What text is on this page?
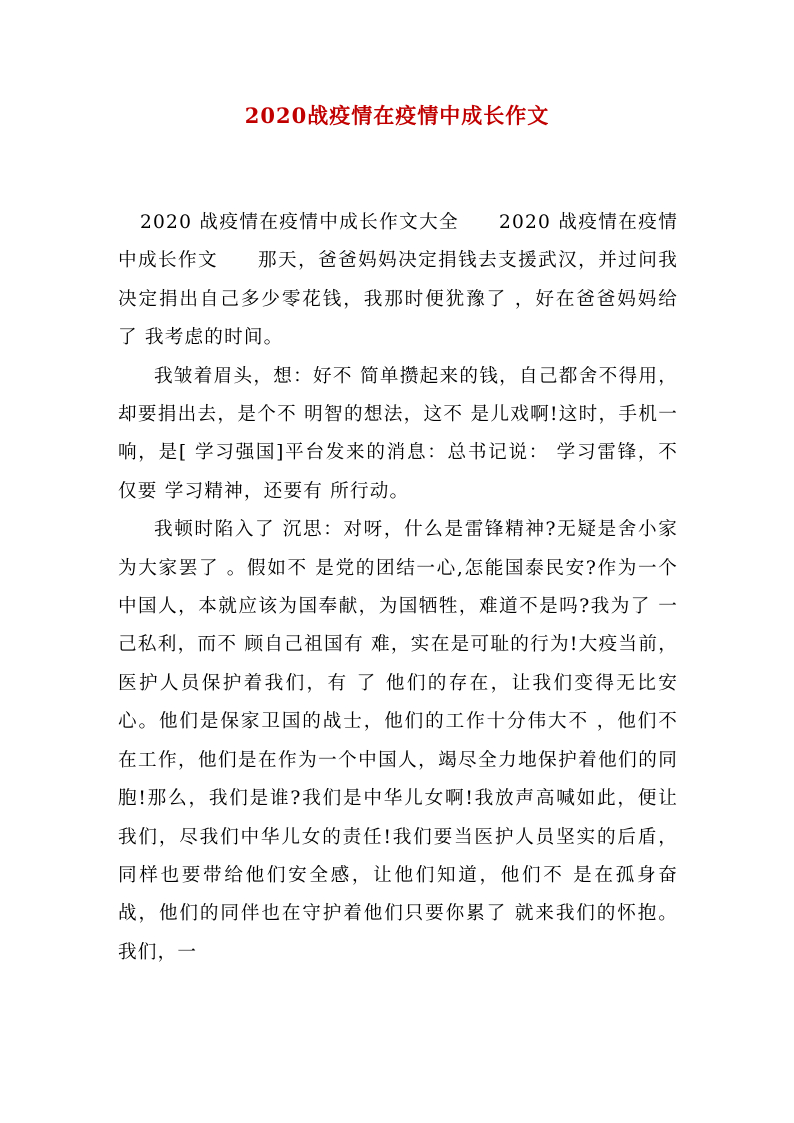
2020战疫情在疫情中成长作文

2020 战疫情在疫情中成长作文大全　　2020 战疫情在疫情中成长作文　　那天，爸爸妈妈决定捐钱去支援武汉，并过问我决定捐出自己多少零花钱，我那时便犹豫了 ，好在爸爸妈妈给了 我考虑的时间。

我皱着眉头，想：好不 简单攒起来的钱，自己都舍不得用，却要捐出去，是个不 明智的想法，这不 是儿戏啊!这时，手机一响，是[ 学习强国]平台发来的消息：总书记说： 学习雷锋，不 仅要 学习精神，还要有 所行动。

我顿时陷入了 沉思：对呀，什么是雷锋精神?无疑是舍小家为大家罢了 。假如不 是党的团结一心,怎能国泰民安?作为一个中国人，本就应该为国奉献，为国牺牲，难道不是吗?我为了 一己私利，而不 顾自己祖国有 难，实在是可耻的行为!大疫当前，医护人员保护着我们，有 了 他们的存在，让我们变得无比安心。他们是保家卫国的战士，他们的工作十分伟大不 ，他们不 在工作，他们是在作为一个中国人，竭尽全力地保护着他们的同胞!那么，我们是谁?我们是中华儿女啊!我放声高喊如此，便让我们，尽我们中华儿女的责任!我们要当医护人员坚实的后盾，同样也要带给他们安全感，让他们知道，他们不 是在孤身奋战，他们的同伴也在守护着他们只要你累了 就来我们的怀抱。我们，一
